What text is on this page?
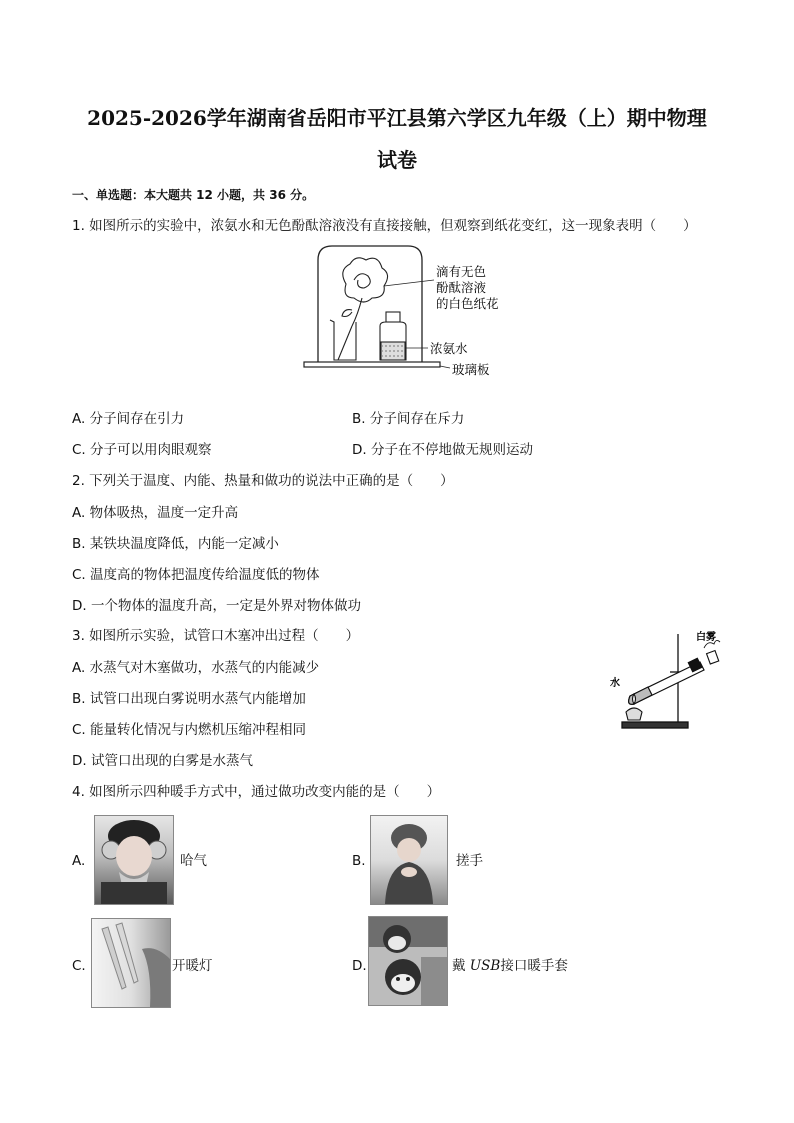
2025-2026学年湖南省岳阳市平江县第六学区九年级（上）期中物理
试卷
一、单选题：本大题共 12 小题，共 36 分。
1. 如图所示的实验中，浓氨水和无色酚酞溶液没有直接接触，但观察到纸花变红，这一现象表明（　　）
滴有无色
酚酞溶液
的白色纸花
浓氨水
玻璃板
A. 分子间存在引力	B. 分子间存在斥力
C. 分子可以用肉眼观察	D. 分子在不停地做无规则运动
2. 下列关于温度、内能、热量和做功的说法中正确的是（　　）
A. 物体吸热，温度一定升高
B. 某铁块温度降低，内能一定减小
C. 温度高的物体把温度传给温度低的物体
D. 一个物体的温度升高，一定是外界对物体做功
3. 如图所示实验，试管口木塞冲出过程（　　）
A. 水蒸气对木塞做功，水蒸气的内能减少
B. 试管口出现白雾说明水蒸气内能增加
C. 能量转化情况与内燃机压缩冲程相同
D. 试管口出现的白雾是水蒸气
白雾
水
4. 如图所示四种暖手方式中，通过做功改变内能的是（　　）
A.	哈气	B.	搓手
C.	开暖灯	D.	戴 USB接口暖手套
